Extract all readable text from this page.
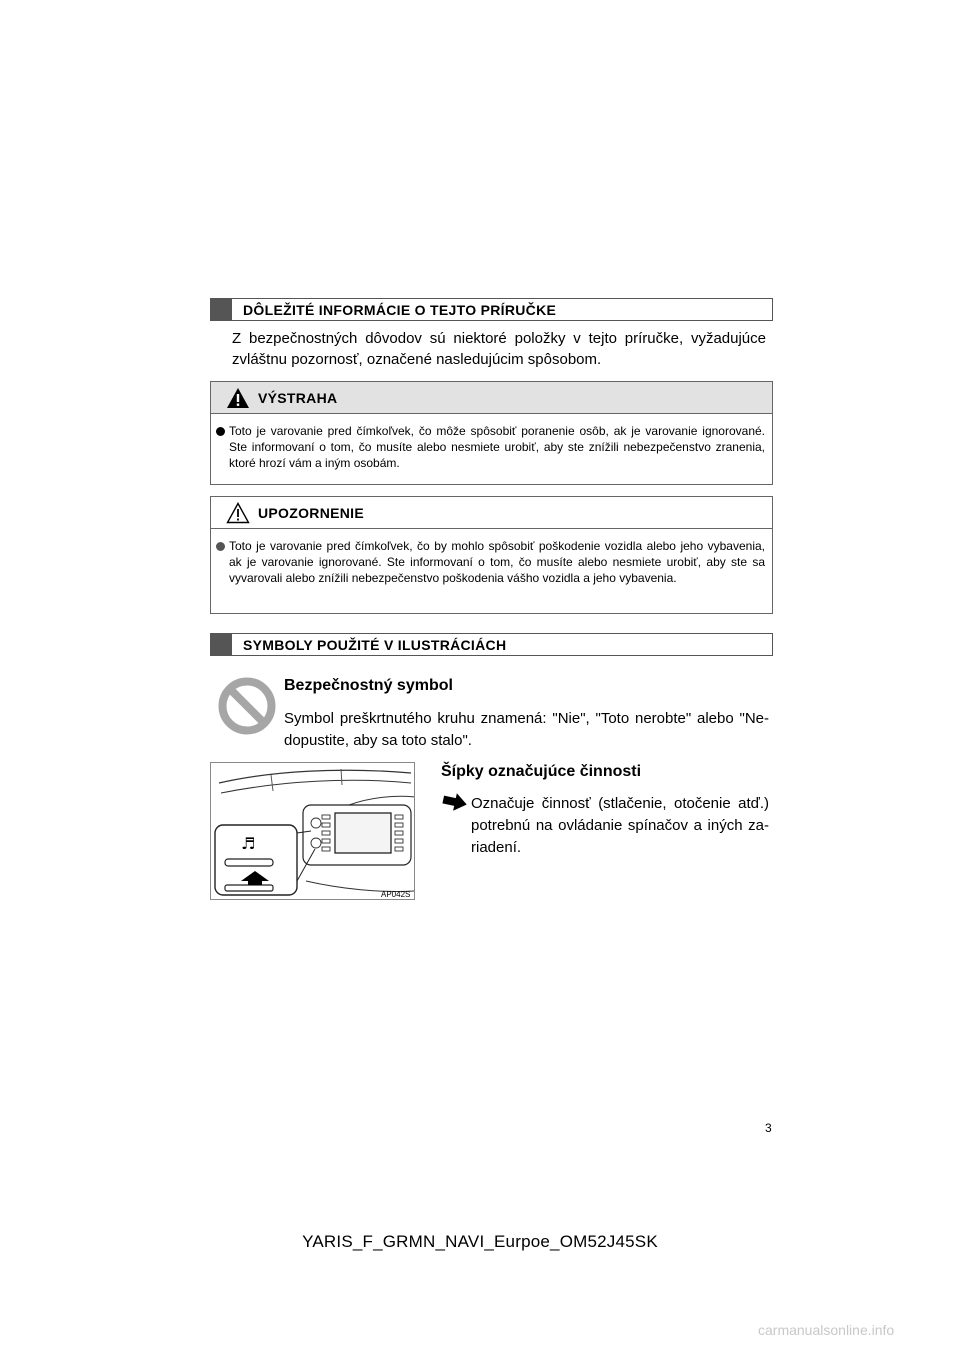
DÔLEŽITÉ INFORMÁCIE O TEJTO PRÍRUČKE
Z bezpečnostných dôvodov sú niektoré položky v tejto príručke, vyžadujúce zvláštnu pozornosť, označené nasledujúcim spôsobom.
VÝSTRAHA
Toto je varovanie pred čímkoľvek, čo môže spôsobiť poranenie osôb, ak je varovanie ignorované. Ste informovaní o tom, čo musíte alebo nesmiete urobiť, aby ste znížili nebezpečenstvo zranenia, ktoré hrozí vám a iným osobám.
UPOZORNENIE
Toto je varovanie pred čímkoľvek, čo by mohlo spôsobiť poškodenie vozidla alebo jeho vybavenia, ak je varovanie ignorované. Ste informovaní o tom, čo musíte alebo nesmiete urobiť, aby ste sa vyvarovali alebo znížili nebezpečenstvo poškodenia vášho vozidla a jeho vybavenia.
SYMBOLY POUŽITÉ V ILUSTRÁCIÁCH
Bezpečnostný symbol
Symbol preškrtnutého kruhu znamená: "Nie", "Toto nerobte" alebo "Nedopustite, aby sa toto stalo".
♬
AP042S
Šípky označujúce činnosti
Označuje činnosť (stlačenie, otočenie atď.) potrebnú na ovládanie spínačov a iných zariadení.
3
YARIS_F_GRMN_NAVI_Eurpoe_OM52J45SK
carmanualsonline.info
